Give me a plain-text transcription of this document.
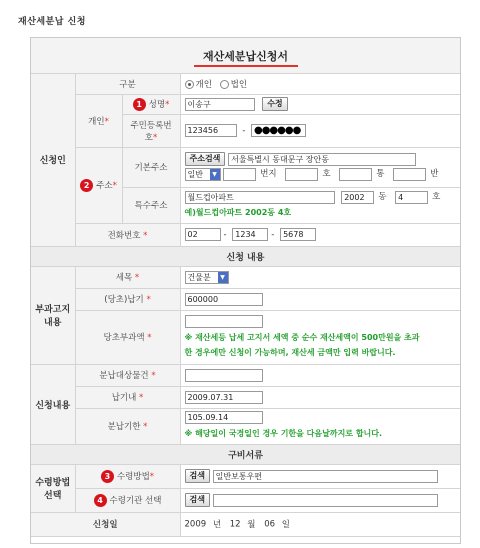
재산세분납 신청
재산세분납신청서
신청인	구분		개인 법인
	개인*	1 성명*	이송구 수정
		주민등록번호*	123456 - ●●●●●●
	2 주소*	기본주소	주소검색 서울특별시 동대문구 장안동
일반 ▼ 번지 호 통 반

		특수주소	월드컵아파트 2002 동 4 호
예)월드컵아파트 2002동 4호

	전화번호 *		02 - 1234 - 5678
신청 내용			
부과고지내용	세목 *		건물분 ▼

	(당초)납기 *		600000
	당초부과액 *		※ 재산세등 납세 고지서 세액 중 순수 재산세액이 500만원을 초과
한 경우에만 신청이 가능하며, 재산세 금액만 입력 바랍니다.

신청내용	분납대상물건 *		
	납기내 *		2009.07.31
	분납기한 *		105.09.14
※ 해당일이 국경일인 경우 기한을 다음날까지로 합니다.

구비서류			
수령방법 선택	3 수령방법*		검색 일반보통우편
	4 수령기관 선택		검색
신청일			2009 년 12 월 06 일
